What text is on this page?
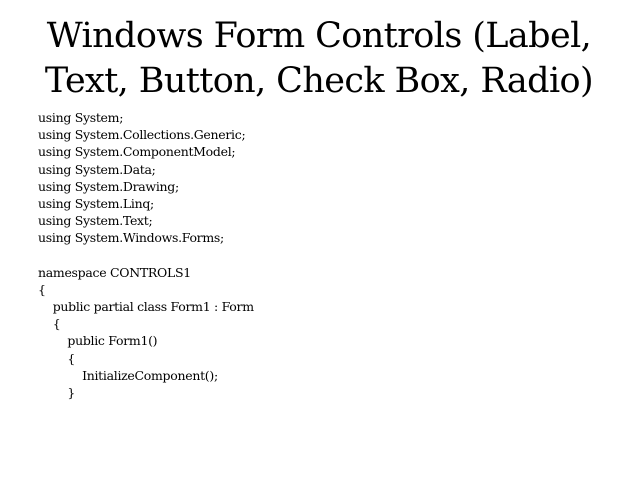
Windows Form Controls (Label,
Text, Button, Check Box, Radio)
using System;
using System.Collections.Generic;
using System.ComponentModel;
using System.Data;
using System.Drawing;
using System.Linq;
using System.Text;
using System.Windows.Forms;
namespace CONTROLS1
{
public partial class Form1 : Form
{
public Form1()
{
InitializeComponent();
}
